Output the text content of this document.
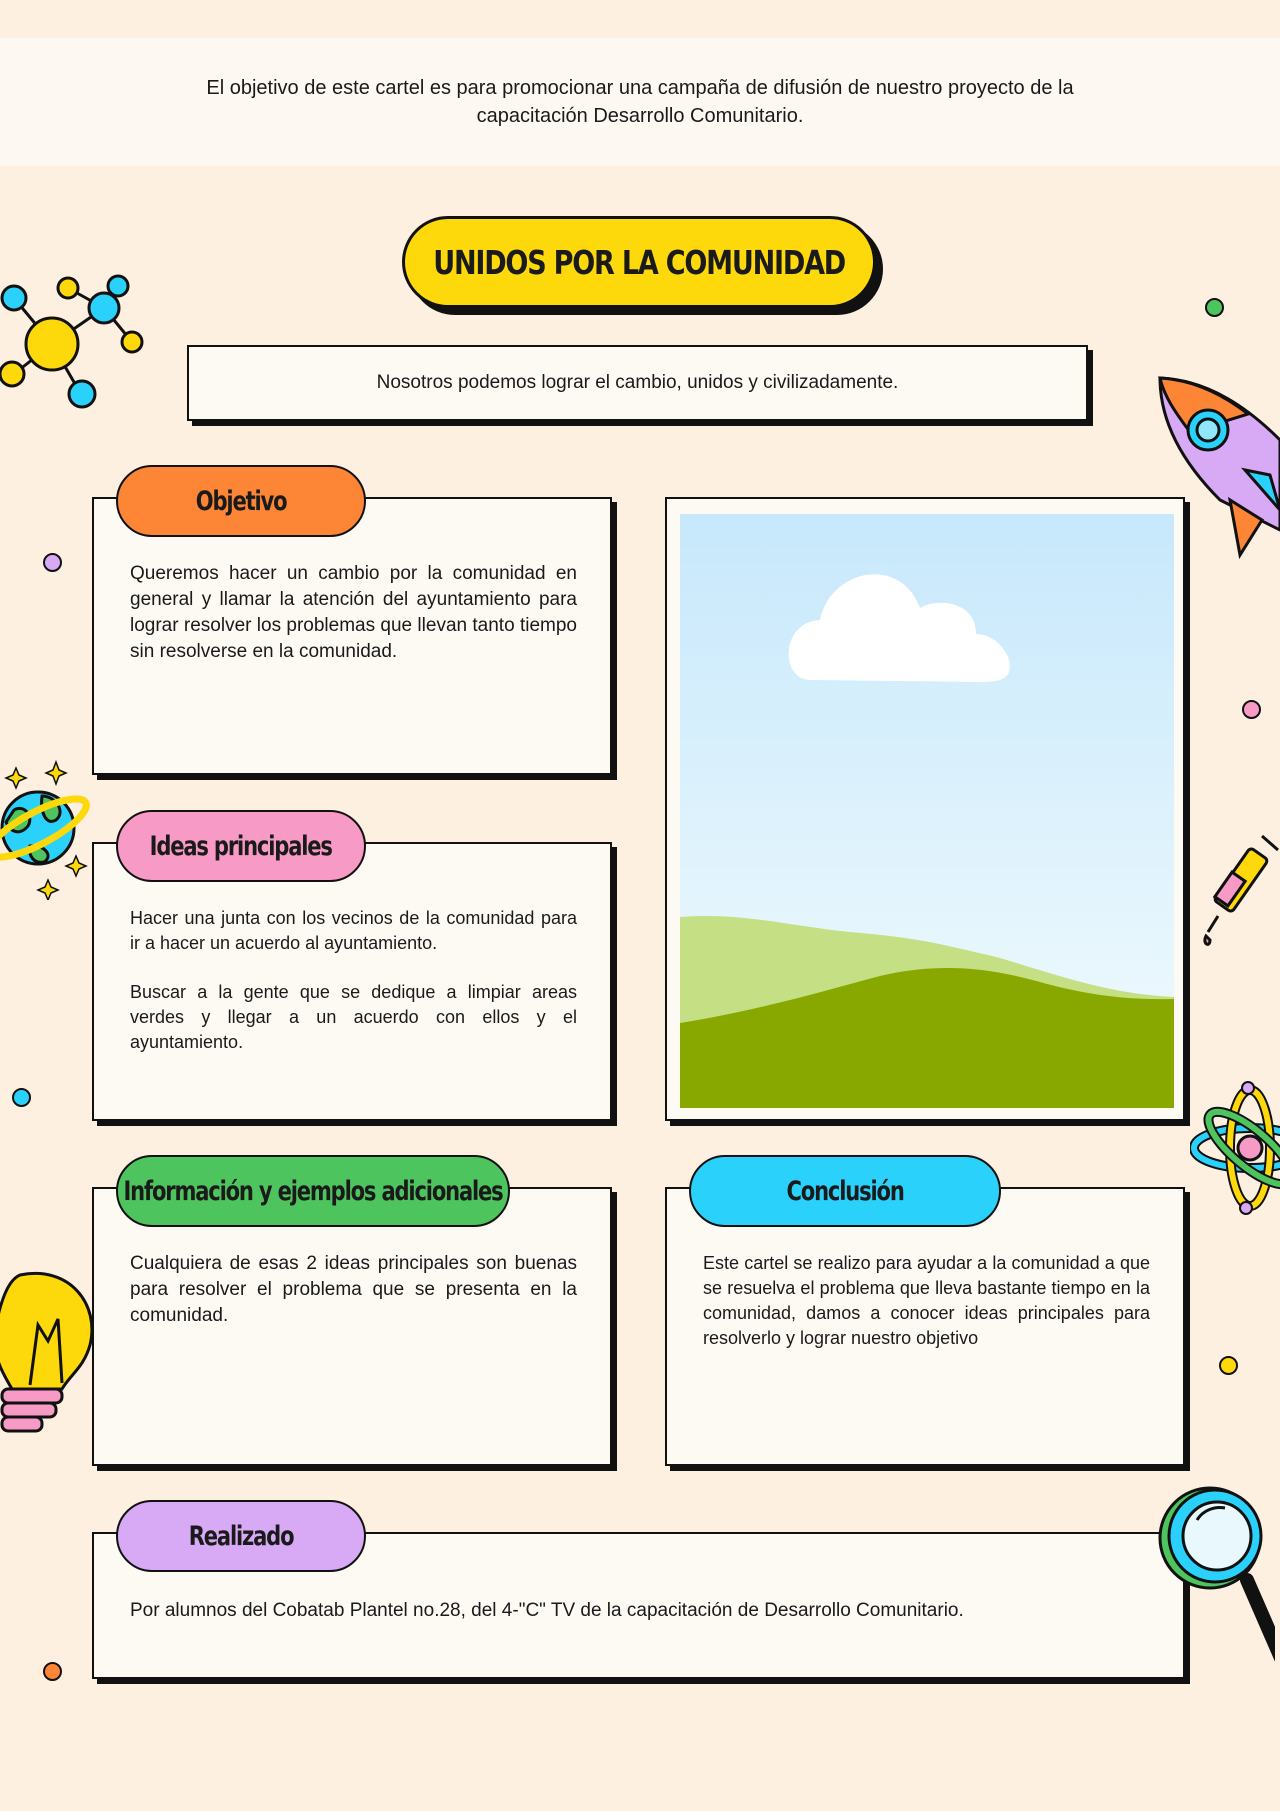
El objetivo de este cartel es para promocionar una campaña de difusión de nuestro proyecto de la capacitación Desarrollo Comunitario.

UNIDOS POR LA COMUNIDAD
Nosotros podemos lograr el cambio, unidos y civilizadamente.

Queremos hacer un cambio por la comunidad en general y llamar la atención del ayuntamiento para lograr resolver los problemas que llevan tanto tiempo sin resolverse en la comunidad.

Objetivo

Hacer una junta con los vecinos de la comunidad para ir a hacer un acuerdo al ayuntamiento.

Buscar a la gente que se dedique a limpiar areas verdes y llegar a un acuerdo con ellos y el ayuntamiento.

Ideas principales

Cualquiera de esas 2 ideas principales son buenas para resolver el problema que se presenta en la comunidad.

Información y ejemplos adicionales

Este cartel se realizo para ayudar a la comunidad a que se resuelva el problema que lleva bastante tiempo en la comunidad, damos a conocer ideas principales para resolverlo y lograr nuestro objetivo

Conclusión

Por alumnos del Cobatab Plantel no.28, del 4-"C" TV de la capacitación de Desarrollo Comunitario.

Realizado
